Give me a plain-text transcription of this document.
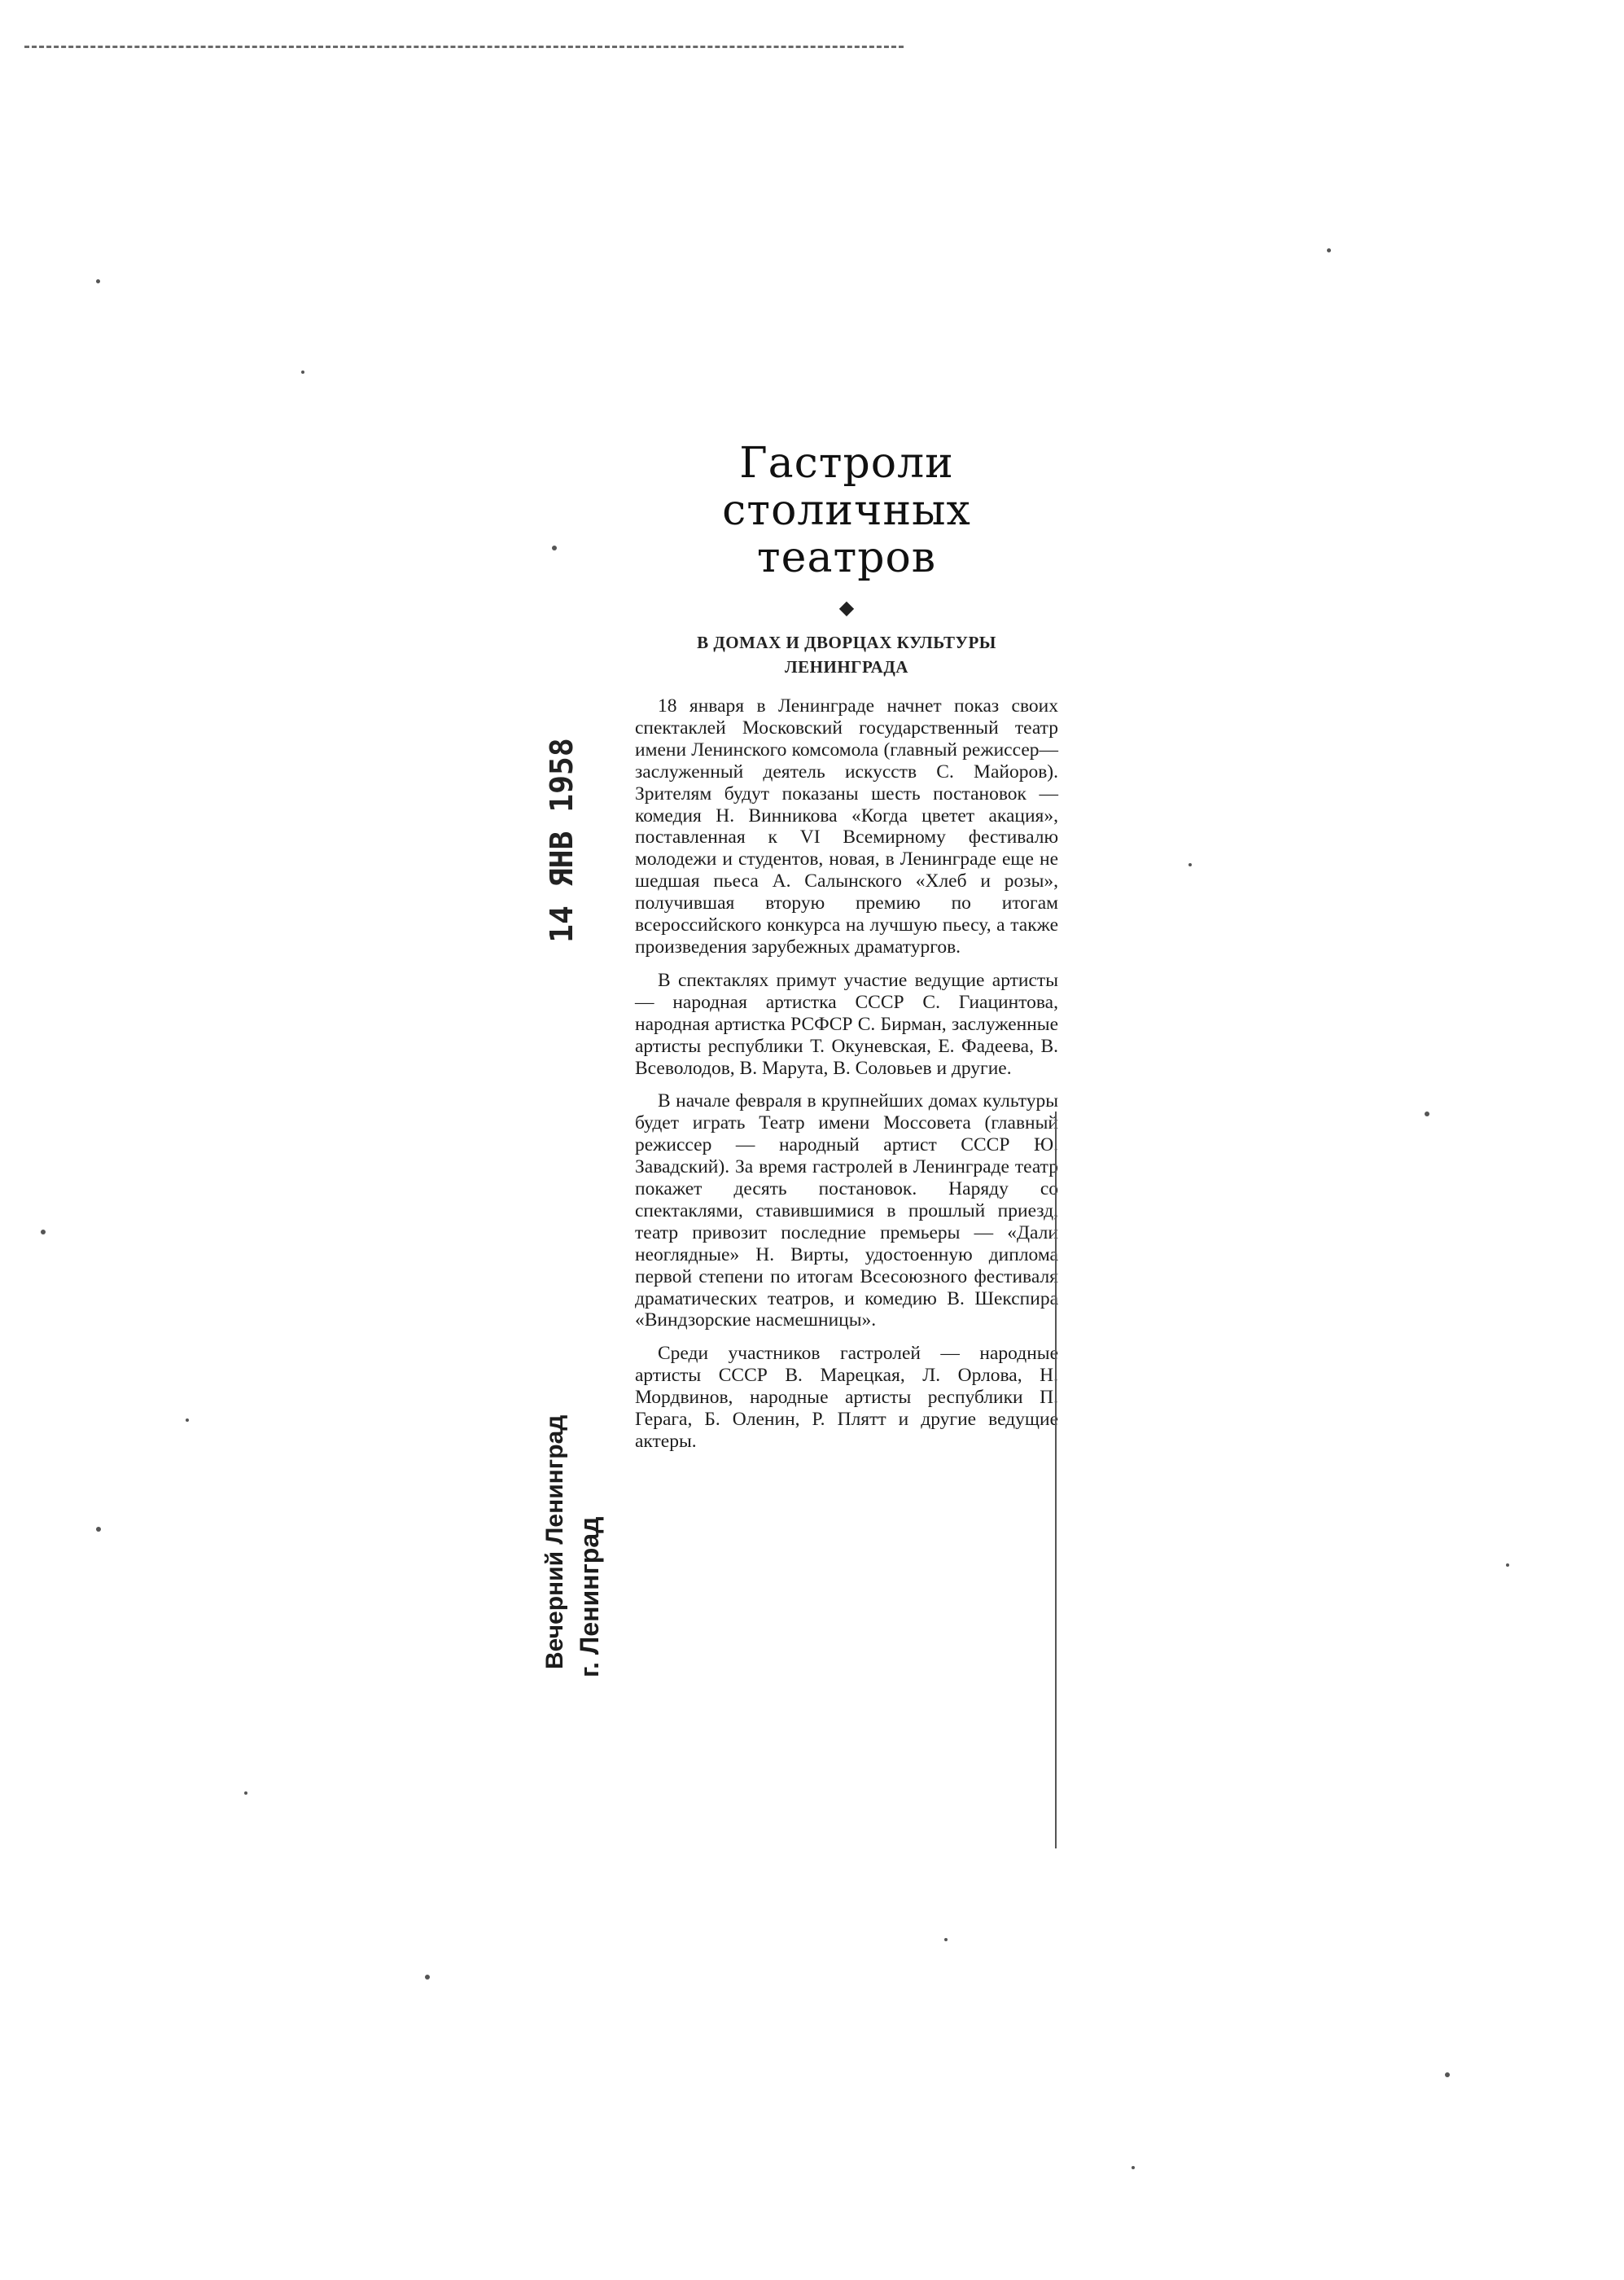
Гастроли
столичных
театров
◆
В ДОМАХ И ДВОРЦАХ КУЛЬТУРЫ
ЛЕНИНГРАДА

18 января в Ленинграде начнет показ своих спектаклей Московский государственный театр имени Ленинского комсомола (главный режиссер—заслуженный деятель искусств С. Майоров). Зрителям будут показаны шесть постановок — комедия Н. Винникова «Когда цветет акация», поставленная к VI Всемирному фестивалю молодежи и студентов, новая, в Ленинграде еще не шедшая пьеса А. Салынского «Хлеб и розы», получившая вторую премию по итогам всероссийского конкурса на лучшую пьесу, а также произведения зарубежных драматургов.

В спектаклях примут участие ведущие артисты — народная артистка СССР С. Гиацинтова, народная артистка РСФСР С. Бирман, заслуженные артисты республики Т. Окуневская, Е. Фадеева, В. Всеволодов, В. Марута, В. Соловьев и другие.

В начале февраля в крупнейших домах культуры будет играть Театр имени Моссовета (главный режиссер — народный артист СССР Ю. Завадский). За время гастролей в Ленинграде театр покажет десять постановок. Наряду со спектаклями, ставившимися в прошлый приезд, театр привозит последние премьеры — «Дали неоглядные» Н. Вирты, удостоенную диплома первой степени по итогам Всесоюзного фестиваля драматических театров, и комедию В. Шекспира «Виндзорские насмешницы».

Среди участников гастролей — народные артисты СССР В. Марецкая, Л. Орлова, Н. Мордвинов, народные артисты республики П. Герага, Б. Оленин, Р. Плятт и другие ведущие актеры.

14 ЯНВ 1958
Вечерний Ленинград г. Ленинград
